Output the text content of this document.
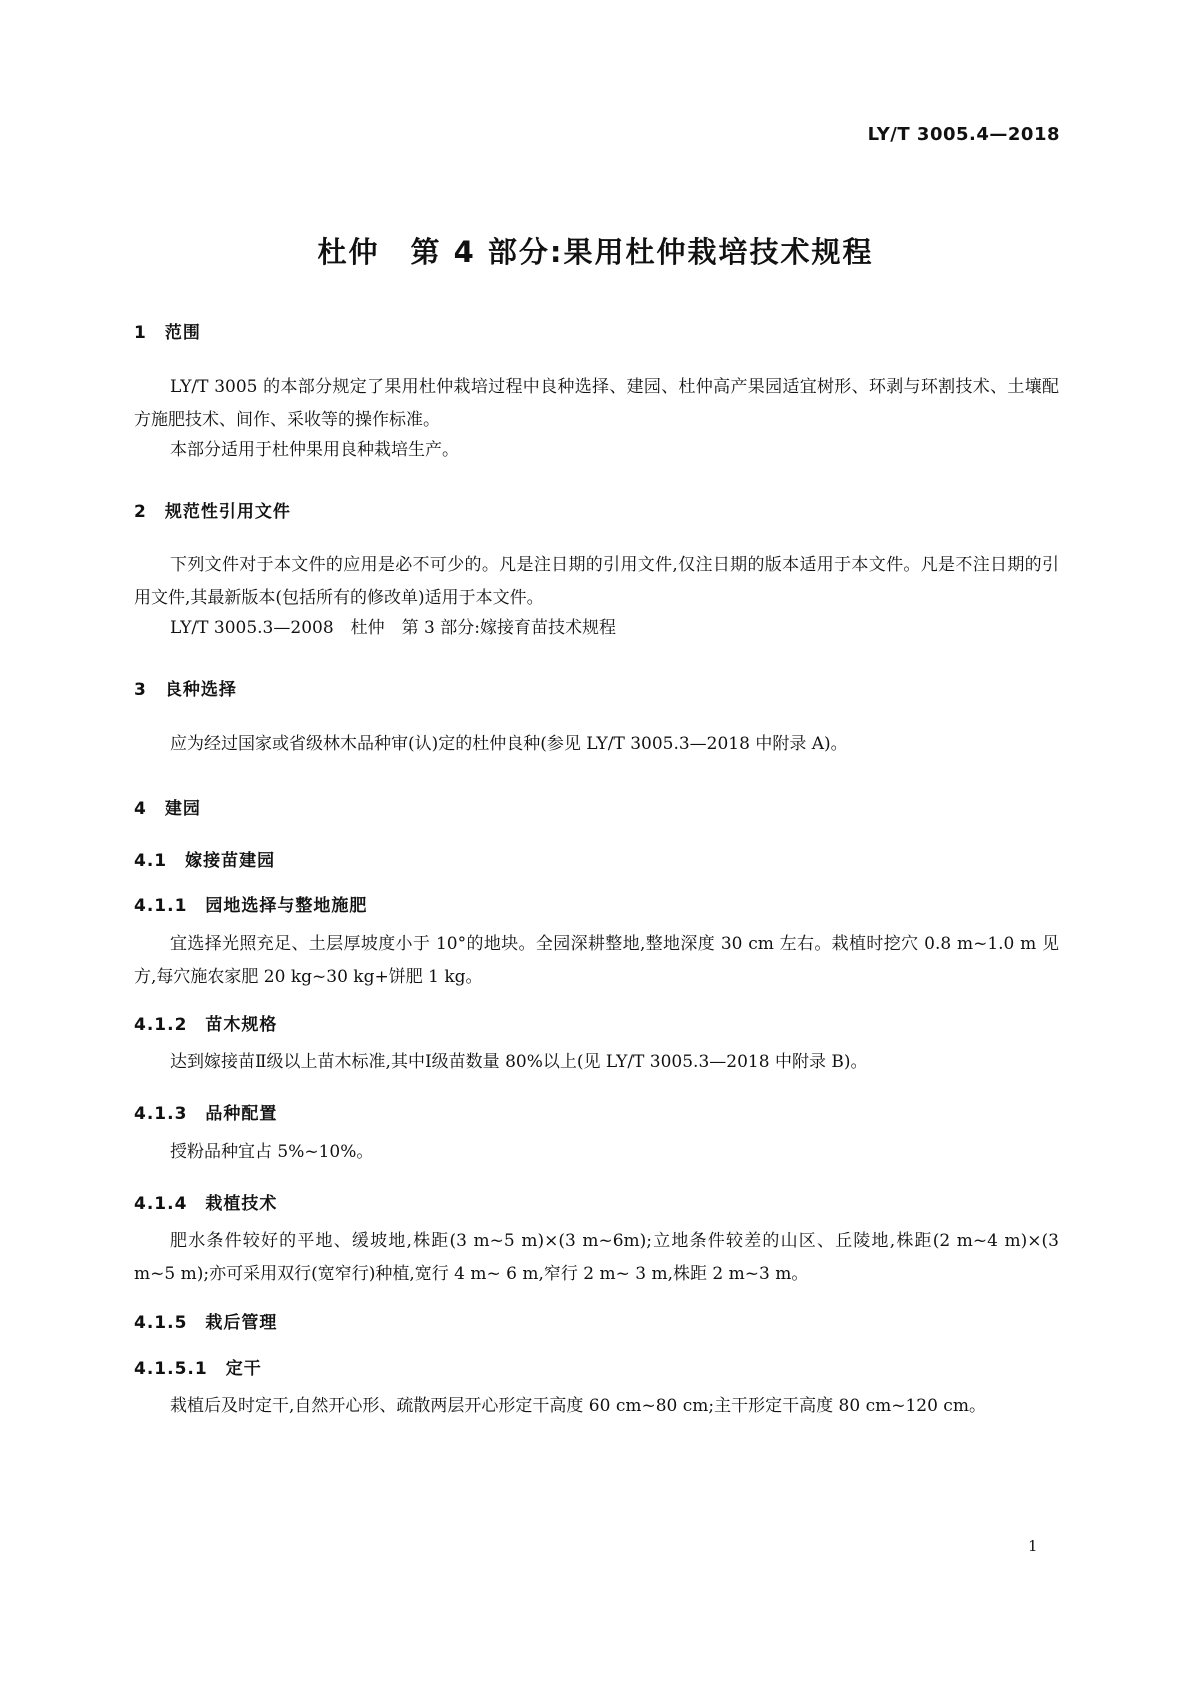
LY/T 3005.4—2018
杜仲　第 4 部分:果用杜仲栽培技术规程
1　范围
LY/T 3005 的本部分规定了果用杜仲栽培过程中良种选择、建园、杜仲高产果园适宜树形、环剥与环割技术、土壤配方施肥技术、间作、采收等的操作标准。
本部分适用于杜仲果用良种栽培生产。
2　规范性引用文件
下列文件对于本文件的应用是必不可少的。凡是注日期的引用文件,仅注日期的版本适用于本文件。凡是不注日期的引用文件,其最新版本(包括所有的修改单)适用于本文件。
LY/T 3005.3—2008　杜仲　第 3 部分:嫁接育苗技术规程
3　良种选择
应为经过国家或省级林木品种审(认)定的杜仲良种(参见 LY/T 3005.3—2018 中附录 A)。
4　建园
4.1　嫁接苗建园
4.1.1　园地选择与整地施肥
宜选择光照充足、土层厚坡度小于 10°的地块。全园深耕整地,整地深度 30 cm 左右。栽植时挖穴 0.8 m~1.0 m 见方,每穴施农家肥 20 kg~30 kg+饼肥 1 kg。
4.1.2　苗木规格
达到嫁接苗Ⅱ级以上苗木标准,其中Ⅰ级苗数量 80%以上(见 LY/T 3005.3—2018 中附录 B)。
4.1.3　品种配置
授粉品种宜占 5%~10%。
4.1.4　栽植技术
肥水条件较好的平地、缓坡地,株距(3 m~5 m)×(3 m~6m);立地条件较差的山区、丘陵地,株距(2 m~4 m)×(3 m~5 m);亦可采用双行(宽窄行)种植,宽行 4 m~ 6 m,窄行 2 m~ 3 m,株距 2 m~3 m。
4.1.5　栽后管理
4.1.5.1　定干
栽植后及时定干,自然开心形、疏散两层开心形定干高度 60 cm~80 cm;主干形定干高度 80 cm~120 cm。
1
